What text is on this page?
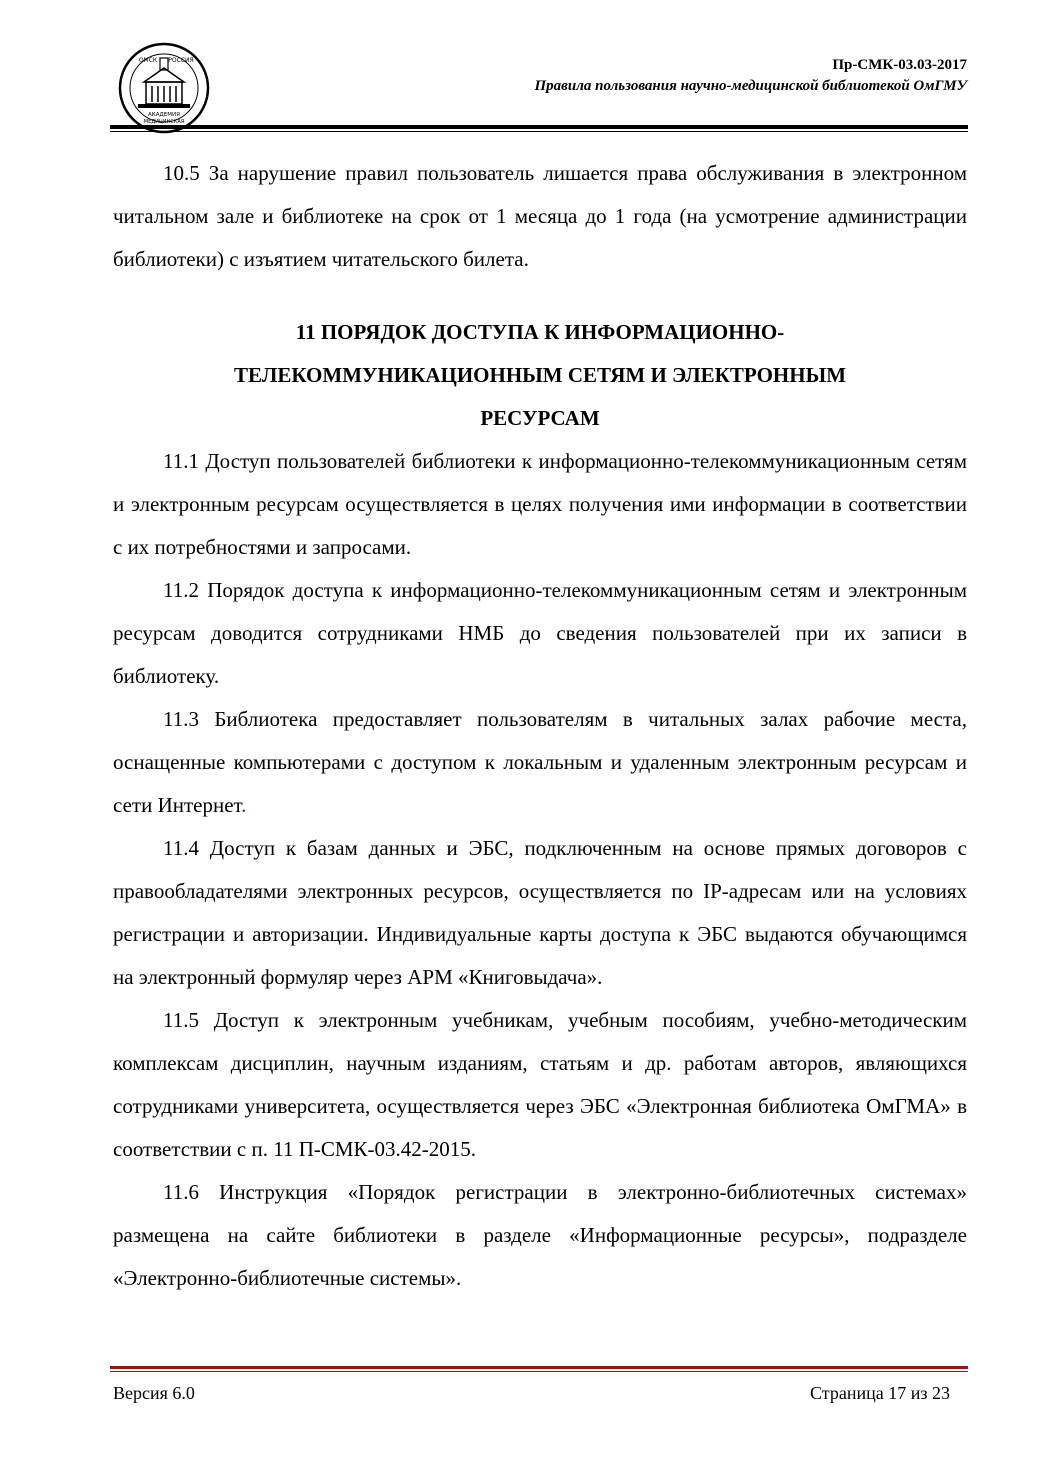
ОМСК РОССИЯ
АКАДЕМИЯ
МЕДИЦИНСКАЯ
Пр-СМК-03.03-2017
Правила пользования научно-медицинской библиотекой ОмГМУ

10.5 За нарушение правил пользователь лишается права обслуживания в электронном читальном зале и библиотеке на срок от 1 месяца до 1 года (на усмотрение администрации библиотеки) с изъятием читательского билета.

11 ПОРЯДОК ДОСТУПА К ИНФОРМАЦИОННО-
ТЕЛЕКОММУНИКАЦИОННЫМ СЕТЯМ И ЭЛЕКТРОННЫМ
РЕСУРСАМ

11.1 Доступ пользователей библиотеки к информационно-телекоммуникационным сетям и электронным ресурсам осуществляется в целях получения ими информации в соответствии с их потребностями и запросами.

11.2 Порядок доступа к информационно-телекоммуникационным сетям и электронным ресурсам доводится сотрудниками НМБ до сведения пользователей при их записи в библиотеку.

11.3 Библиотека предоставляет пользователям в читальных залах рабочие места, оснащенные компьютерами с доступом к локальным и удаленным электронным ресурсам и сети Интернет.

11.4 Доступ к базам данных и ЭБС, подключенным на основе прямых договоров с правообладателями электронных ресурсов, осуществляется по IP-адресам или на условиях регистрации и авторизации. Индивидуальные карты доступа к ЭБС выдаются обучающимся на электронный формуляр через АРМ «Книговыдача».

11.5 Доступ к электронным учебникам, учебным пособиям, учебно-методическим комплексам дисциплин, научным изданиям, статьям и др. работам авторов, являющихся сотрудниками университета, осуществляется через ЭБС «Электронная библиотека ОмГМА» в соответствии с п. 11 П-СМК-03.42-2015.

11.6 Инструкция «Порядок регистрации в электронно-библиотечных системах» размещена на сайте библиотеки в разделе «Информационные ресурсы», подразделе «Электронно-библиотечные системы».

Версия 6.0	Страница 17 из 23
